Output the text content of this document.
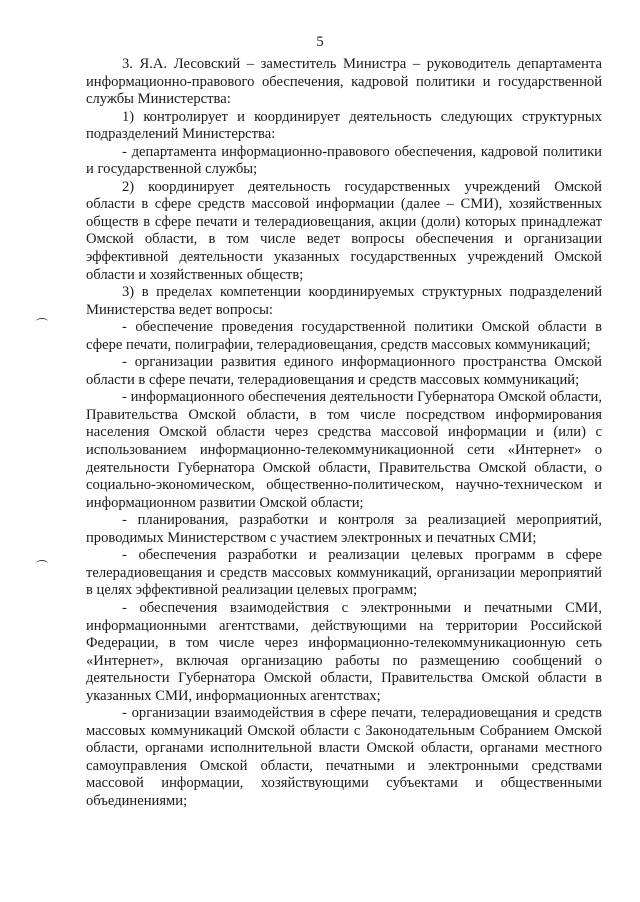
5

3. Я.А. Лесовский – заместитель Министра – руководитель департамента информационно-правового обеспечения, кадровой политики и государственной службы Министерства:

1) контролирует и координирует деятельность следующих структурных подразделений Министерства:

- департамента информационно-правового обеспечения, кадровой политики и государственной службы;

2) координирует деятельность государственных учреждений Омской области в сфере средств массовой информации (далее – СМИ), хозяйственных обществ в сфере печати и телерадиовещания, акции (доли) которых принадлежат Омской области, в том числе ведет вопросы обеспечения и организации эффективной деятельности указанных государственных учреждений Омской области и хозяйственных обществ;

3) в пределах компетенции координируемых структурных подразделений Министерства ведет вопросы:

- обеспечение проведения государственной политики Омской области в сфере печати, полиграфии, телерадиовещания, средств массовых коммуникаций;

- организации развития единого информационного пространства Омской области в сфере печати, телерадиовещания и средств массовых коммуникаций;

- информационного обеспечения деятельности Губернатора Омской области, Правительства Омской области, в том числе посредством информирования населения Омской области через средства массовой информации и (или) с использованием информационно-телекоммуникационной сети «Интернет» о деятельности Губернатора Омской области, Правительства Омской области, о социально-экономическом, общественно-политическом, научно-техническом и информационном развитии Омской области;

- планирования, разработки и контроля за реализацией мероприятий, проводимых Министерством с участием электронных и печатных СМИ;

- обеспечения разработки и реализации целевых программ в сфере телерадиовещания и средств массовых коммуникаций, организации мероприятий в целях эффективной реализации целевых программ;

- обеспечения взаимодействия с электронными и печатными СМИ, информационными агентствами, действующими на территории Российской Федерации, в том числе через информационно-телекоммуникационную сеть «Интернет», включая организацию работы по размещению сообщений о деятельности Губернатора Омской области, Правительства Омской области в указанных СМИ, информационных агентствах;

- организации взаимодействия в сфере печати, телерадиовещания и средств массовых коммуникаций Омской области с Законодательным Собранием Омской области, органами исполнительной власти Омской области, органами местного самоуправления Омской области, печатными и электронными средствами массовой информации, хозяйствующими субъектами и общественными объединениями;
